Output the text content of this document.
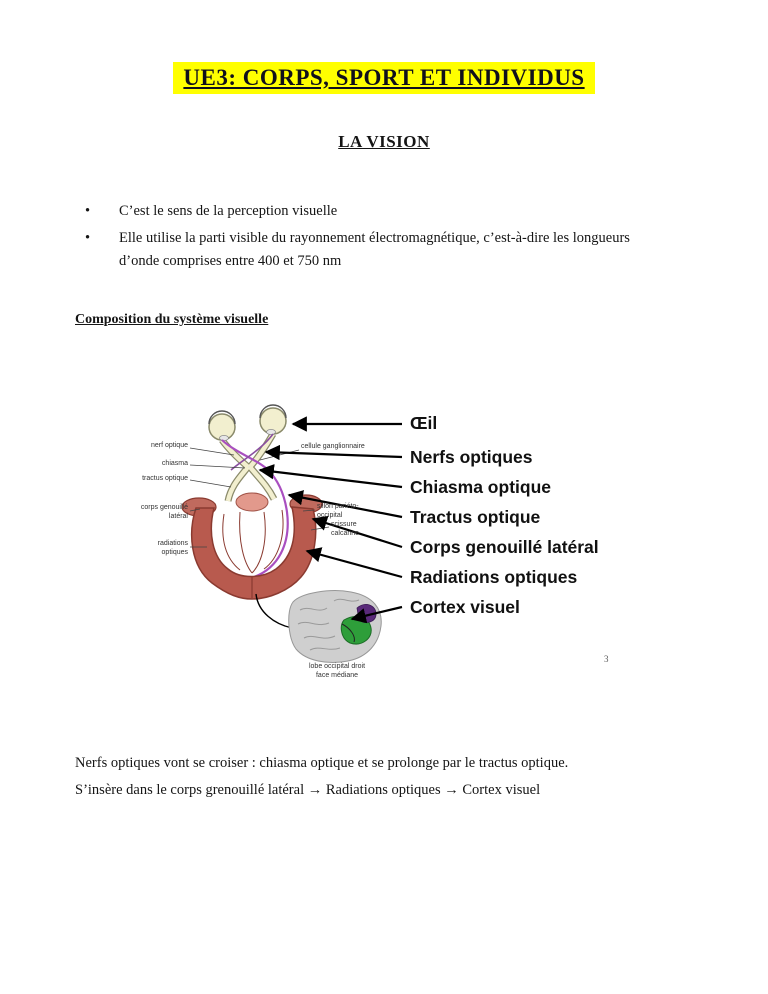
UE3: CORPS, SPORT ET INDIVIDUS
LA VISION
•	C’est le sens de la perception visuelle
•	Elle utilise la parti visible du rayonnement électromagnétique, c’est-à-dire les longueurs d’onde comprises entre 400 et 750 nm
Composition du système visuelle
Œil
Nerfs optiques
Chiasma optique
Tractus optique
Corps genouillé latéral
Radiations optiques
Cortex visuel
nerf optique
chiasma
tractus optique
corps genouillé latéral
radiations optiques
cellule ganglionnaire
sillon pariéto-occipital
scissure calcarine
lobe occipital droit
face médiane
3
Nerfs optiques vont se croiser : chiasma optique et se prolonge par le tractus optique.
S’insère dans le corps grenouillé latéral → Radiations optiques → Cortex visuel
